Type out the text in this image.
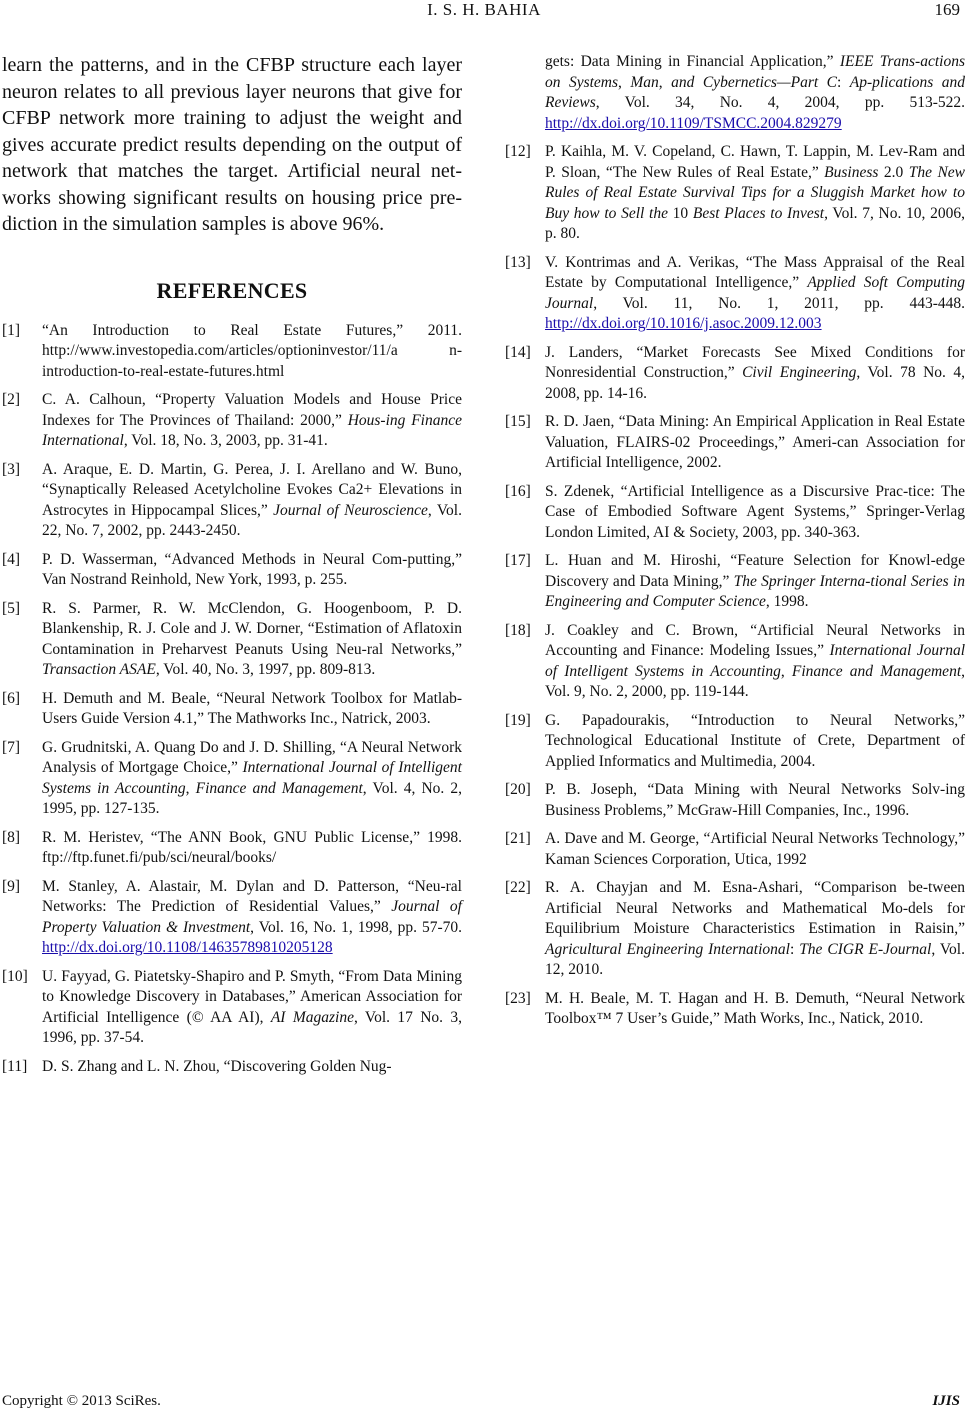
I. S. H. BAHIA	169

learn the patterns, and in the CFBP structure each layer neuron relates to all previous layer neurons that give for CFBP network more training to adjust the weight and gives accurate predict results depending on the output of network that matches the target. Artificial neural net-works showing significant results on housing price pre-diction in the simulation samples is above 96%.

REFERENCES
[1]	“An Introduction to Real Estate Futures,” 2011. http://www.investopedia.com/articles/optioninvestor/11/a n-introduction-to-real-estate-futures.html
[2]	C. A. Calhoun, “Property Valuation Models and House Price Indexes for The Provinces of Thailand: 2000,” Hous-ing Finance International, Vol. 18, No. 3, 2003, pp. 31-41.
[3]	A. Araque, E. D. Martin, G. Perea, J. I. Arellano and W. Buno, “Synaptically Released Acetylcholine Evokes Ca2+ Elevations in Astrocytes in Hippocampal Slices,” Journal of Neuroscience, Vol. 22, No. 7, 2002, pp. 2443-2450.
[4]	P. D. Wasserman, “Advanced Methods in Neural Com-putting,” Van Nostrand Reinhold, New York, 1993, p. 255.
[5]	R. S. Parmer, R. W. McClendon, G. Hoogenboom, P. D. Blankenship, R. J. Cole and J. W. Dorner, “Estimation of Aflatoxin Contamination in Preharvest Peanuts Using Neu-ral Networks,” Transaction ASAE, Vol. 40, No. 3, 1997, pp. 809-813.
[6]	H. Demuth and M. Beale, “Neural Network Toolbox for Matlab-Users Guide Version 4.1,” The Mathworks Inc., Natrick, 2003.
[7]	G. Grudnitski, A. Quang Do and J. D. Shilling, “A Neural Network Analysis of Mortgage Choice,” International Journal of Intelligent Systems in Accounting, Finance and Management, Vol. 4, No. 2, 1995, pp. 127-135.
[8]	R. M. Heristev, “The ANN Book, GNU Public License,” 1998. ftp://ftp.funet.fi/pub/sci/neural/books/
[9]	M. Stanley, A. Alastair, M. Dylan and D. Patterson, “Neu-ral Networks: The Prediction of Residential Values,” Journal of Property Valuation & Investment, Vol. 16, No. 1, 1998, pp. 57-70. http://dx.doi.org/10.1108/14635789810205128
[10] U. Fayyad, G. Piatetsky-Shapiro and P. Smyth, “From Data Mining to Knowledge Discovery in Databases,” American Association for Artificial Intelligence (© AA AI), AI Magazine, Vol. 17 No. 3, 1996, pp. 37-54.
[11] D. S. Zhang and L. N. Zhou, “Discovering Golden Nug-
gets: Data Mining in Financial Application,” IEEE Trans-actions on Systems, Man, and Cybernetics—Part C: Ap-plications and Reviews, Vol. 34, No. 4, 2004, pp. 513-522. http://dx.doi.org/10.1109/TSMCC.2004.829279
[12] P. Kaihla, M. V. Copeland, C. Hawn, T. Lappin, M. Lev-Ram and P. Sloan, “The New Rules of Real Estate,” Business 2.0 The New Rules of Real Estate Survival Tips for a Sluggish Market how to Buy how to Sell the 10 Best Places to Invest, Vol. 7, No. 10, 2006, p. 80.
[13] V. Kontrimas and A. Verikas, “The Mass Appraisal of the Real Estate by Computational Intelligence,” Applied Soft Computing Journal, Vol. 11, No. 1, 2011, pp. 443-448. http://dx.doi.org/10.1016/j.asoc.2009.12.003
[14] J. Landers, “Market Forecasts See Mixed Conditions for Nonresidential Construction,” Civil Engineering, Vol. 78 No. 4, 2008, pp. 14-16.
[15] R. D. Jaen, “Data Mining: An Empirical Application in Real Estate Valuation, FLAIRS-02 Proceedings,” Ameri-can Association for Artificial Intelligence, 2002.
[16] S. Zdenek, “Artificial Intelligence as a Discursive Prac-tice: The Case of Embodied Software Agent Systems,” Springer-Verlag London Limited, AI & Society, 2003, pp. 340-363.
[17] L. Huan and M. Hiroshi, “Feature Selection for Knowl-edge Discovery and Data Mining,” The Springer Interna-tional Series in Engineering and Computer Science, 1998.
[18] J. Coakley and C. Brown, “Artificial Neural Networks in Accounting and Finance: Modeling Issues,” International Journal of Intelligent Systems in Accounting, Finance and Management, Vol. 9, No. 2, 2000, pp. 119-144.
[19] G. Papadourakis, “Introduction to Neural Networks,” Technological Educational Institute of Crete, Department of Applied Informatics and Multimedia, 2004.
[20] P. B. Joseph, “Data Mining with Neural Networks Solv-ing Business Problems,” McGraw-Hill Companies, Inc., 1996.
[21] A. Dave and M. George, “Artificial Neural Networks Technology,” Kaman Sciences Corporation, Utica, 1992
[22] R. A. Chayjan and M. Esna-Ashari, “Comparison be-tween Artificial Neural Networks and Mathematical Mo-dels for Equilibrium Moisture Characteristics Estimation in Raisin,” Agricultural Engineering International: The CIGR E-Journal, Vol. 12, 2010.
[23] M. H. Beale, M. T. Hagan and H. B. Demuth, “Neural Network Toolbox™ 7 User’s Guide,” Math Works, Inc., Natick, 2010.
Copyright © 2013 SciRes.	IJIS
